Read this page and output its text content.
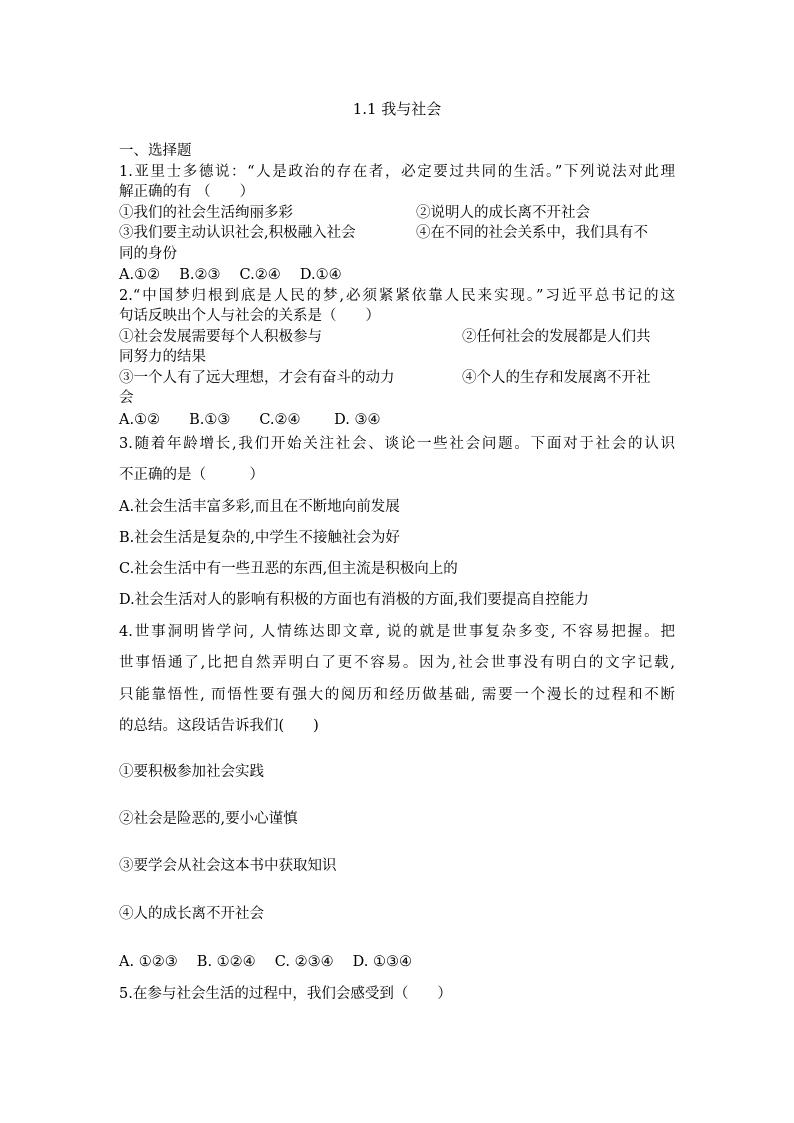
1.1 我与社会
一、选择题
1.亚里士多德说：“人是政治的存在者，必定要过共同的生活。”下列说法对此理
解正确的有 （　　）
①我们的社会生活绚丽多彩	②说明人的成长离不开社会
③我们要主动认识社会,积极融入社会	④在不同的社会关系中，我们具有不
同的身份
A.①②　 B.②③　 C.②④　 D.①④
2.“中国梦归根到底是人民的梦,必须紧紧依靠人民来实现。”习近平总书记的这
句话反映出个人与社会的关系是（　　）
①社会发展需要每个人积极参与	②任何社会的发展都是人们共
同努力的结果
③一个人有了远大理想，才会有奋斗的动力	④个人的生存和发展离不开社
会
A.①②　　B.①③　　C.②④　　 D. ③④
3.随着年龄增长,我们开始关注社会、谈论一些社会问题。下面对于社会的认识
不正确的是（　　　）
A.社会生活丰富多彩,而且在不断地向前发展
B.社会生活是复杂的,中学生不接触社会为好
C.社会生活中有一些丑恶的东西,但主流是积极向上的
D.社会生活对人的影响有积极的方面也有消极的方面,我们要提高自控能力
4.世事洞明皆学问, 人情练达即文章, 说的就是世事复杂多变, 不容易把握。把
世事悟通了,比把自然弄明白了更不容易。因为,社会世事没有明白的文字记载,
只能靠悟性, 而悟性要有强大的阅历和经历做基础, 需要一个漫长的过程和不断
的总结。这段话告诉我们(　　)
①要积极参加社会实践
②社会是险恶的,要小心谨慎
③要学会从社会这本书中获取知识
④人的成长离不开社会
A. ①②③　 B. ①②④　 C. ②③④　 D. ①③④
5.在参与社会生活的过程中，我们会感受到（　　）
